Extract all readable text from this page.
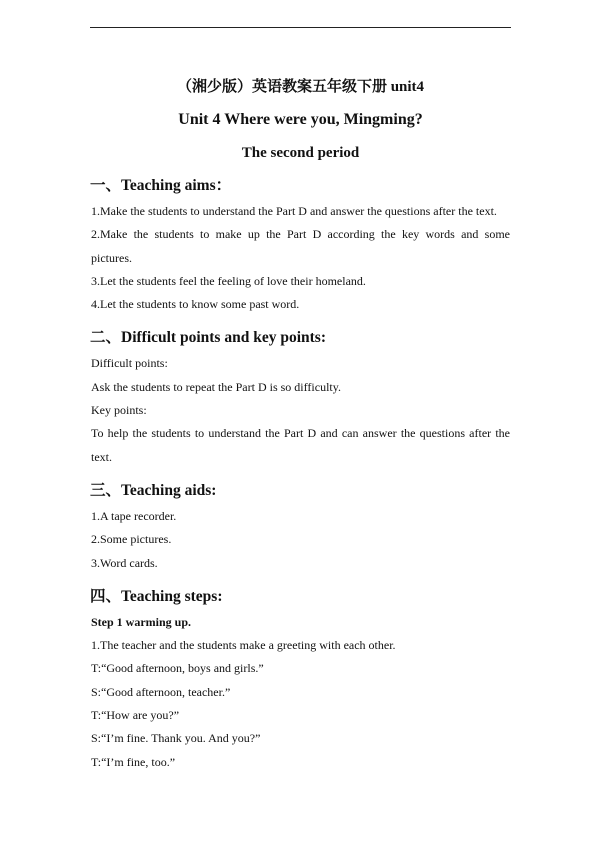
（湘少版）英语教案五年级下册 unit4
Unit 4 Where were you, Mingming?
The second period
一、Teaching aims：

1.Make the students to understand the Part D and answer the questions after the text.

2.Make the students to make up the Part D according the key words and some

pictures.

3.Let the students feel the feeling of love their homeland.

4.Let the students to know some past word.

二、Difficult points and key points:

Difficult points:

Ask the students to repeat the Part D is so difficulty.

Key points:

To help the students to understand the Part D and can answer the questions after the

text.

三、Teaching aids:

1.A tape recorder.

2.Some pictures.

3.Word cards.

四、Teaching steps:

Step 1 warming up.

1.The teacher and the students make a greeting with each other.

T:“Good afternoon, boys and girls.”

S:“Good afternoon, teacher.”

T:“How are you?”

S:“I’m fine. Thank you. And you?”

T:“I’m fine, too.”
